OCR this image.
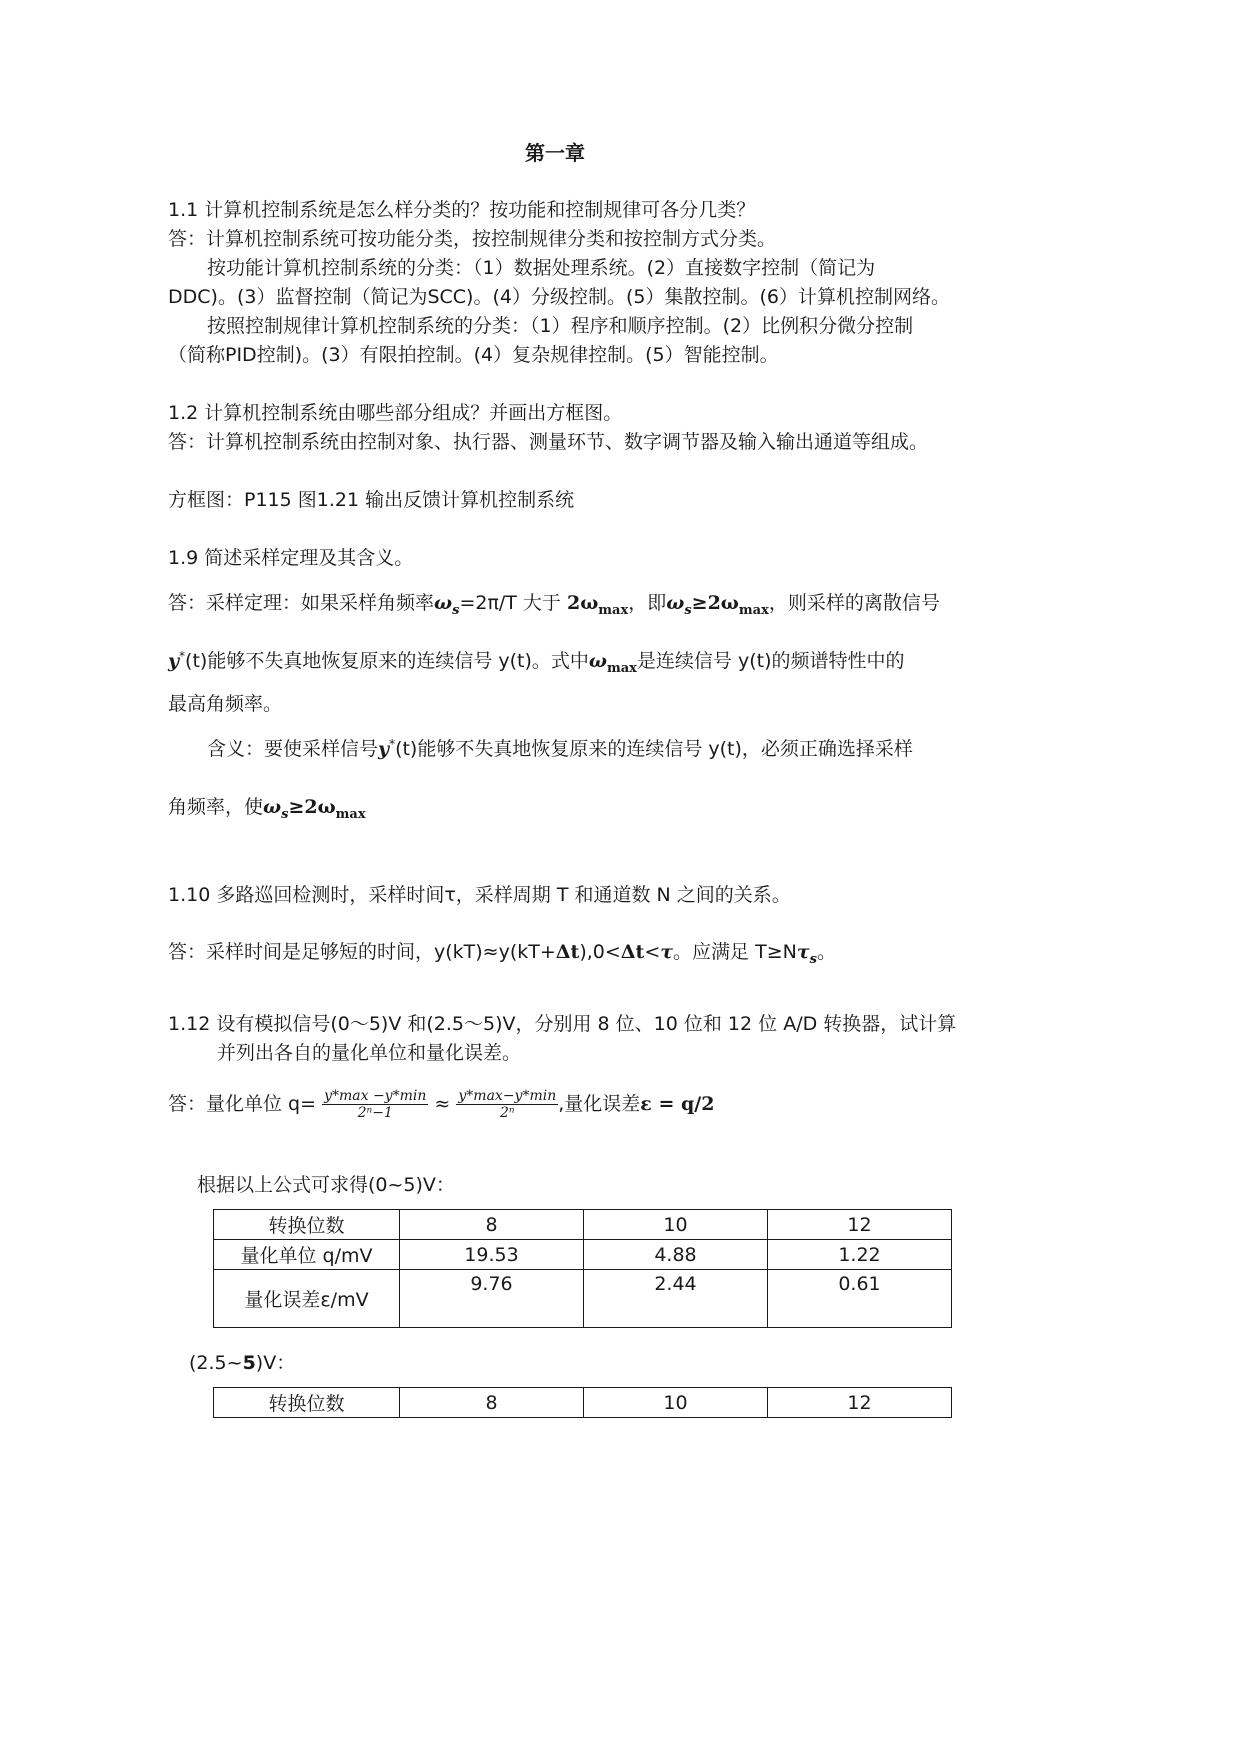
第一章
1.1 计算机控制系统是怎么样分类的？按功能和控制规律可各分几类？
答：计算机控制系统可按功能分类，按控制规律分类和按控制方式分类。
按功能计算机控制系统的分类：（1）数据处理系统。(2）直接数字控制（简记为
DDC)。(3）监督控制（简记为SCC)。(4）分级控制。(5）集散控制。(6）计算机控制网络。
按照控制规律计算机控制系统的分类：（1）程序和顺序控制。(2）比例积分微分控制
（简称PID控制)。(3）有限拍控制。(4）复杂规律控制。(5）智能控制。
1.2 计算机控制系统由哪些部分组成？并画出方框图。
答：计算机控制系统由控制对象、执行器、测量环节、数字调节器及输入输出通道等组成。
方框图：P115 图1.21 输出反馈计算机控制系统
1.9 简述采样定理及其含义。
答：采样定理：如果采样角频率$\omega_s=2\pi/T$ 大于 $2\omega_{max}$，即$\omega_s\ge 2\omega_{max}$，则采样的离散信号
y*(t)能够不失真地恢复原来的连续信号 y(t)。式中$\omega_{max}$是连续信号 y(t)的频谱特性中的
最高角频率。
含义：要使采样信号y*(t)能够不失真地恢复原来的连续信号 y(t)，必须正确选择采样
角频率，使$\omega_s\ge 2\omega_{max}$
1.10 多路巡回检测时，采样时间τ，采样周期 T 和通道数 N 之间的关系。
答：采样时间是足够短的时间，y(kT)≈y(kT+Δt),0<Δt<τ。应满足 $T\ge N\tau_s$。
1.12 设有模拟信号(0～5)V 和(2.5～5)V，分别用 8 位、10 位和 12 位 A/D 转换器，试计算
并列出各自的量化单位和量化误差。
答：量化单位 $q= \frac{y*\max -y*\min}{\text{2ⁿ−1}} \approx \frac{y*\max-y*\min}{\text{2ⁿ}}$ ,量化误差ε = q/2
根据以上公式可求得(0~5)V：
转换位数	8	10	12
量化单位 q/mV	19.53	4.88	1.22
量化误差ε/mV	9.76	2.44	0.61
(2.5~5)V：
转换位数	8	10	12
